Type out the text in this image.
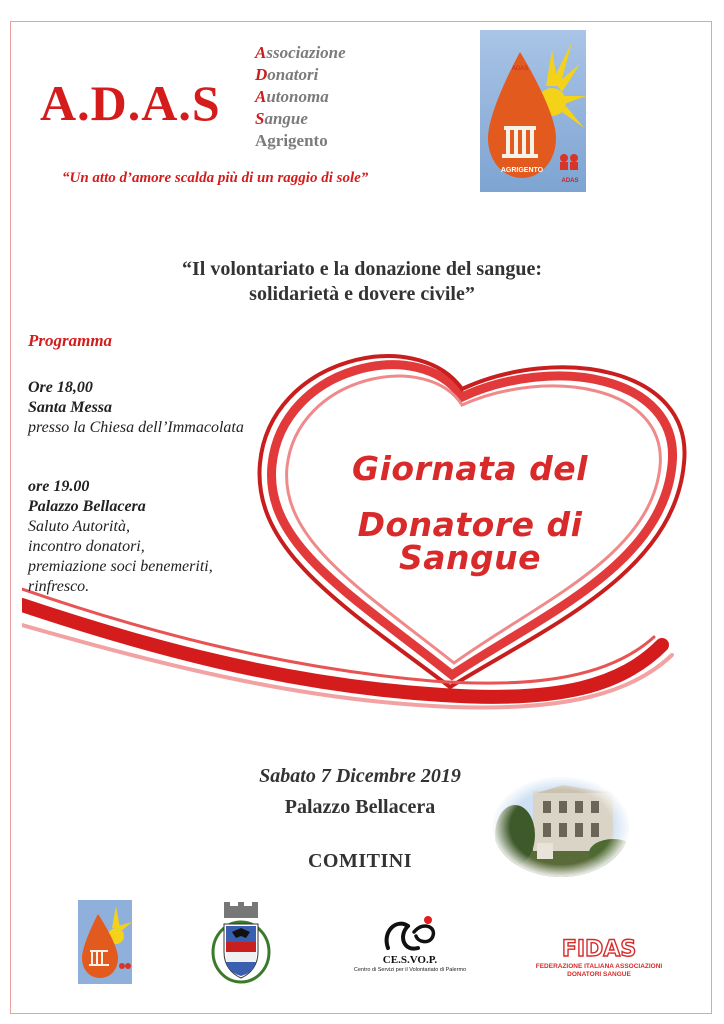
A.D.A.S
Associazione
Donatori
Autonoma
Sangue
Agrigento
“Un atto d’amore scalda più di un raggio di sole”
ADAS
AGRIGENTO
ADAS
“Il volontariato e la donazione del sangue:
solidarietà e dovere civile”
Giornata del
Donatore di Sangue
Programma
Ore 18,00
Santa Messa
presso la Chiesa dell’Immacolata
ore 19.00
Palazzo Bellacera
Saluto Autorità,
incontro donatori,
premiazione soci benemeriti,
rinfresco.
Sabato 7 Dicembre 2019
Palazzo Bellacera
COMITINI
CE.S.VO.P.
Centro di Servizi per il Volontariato di Palermo
FIDAS
FEDERAZIONE ITALIANA ASSOCIAZIONI
DONATORI SANGUE
